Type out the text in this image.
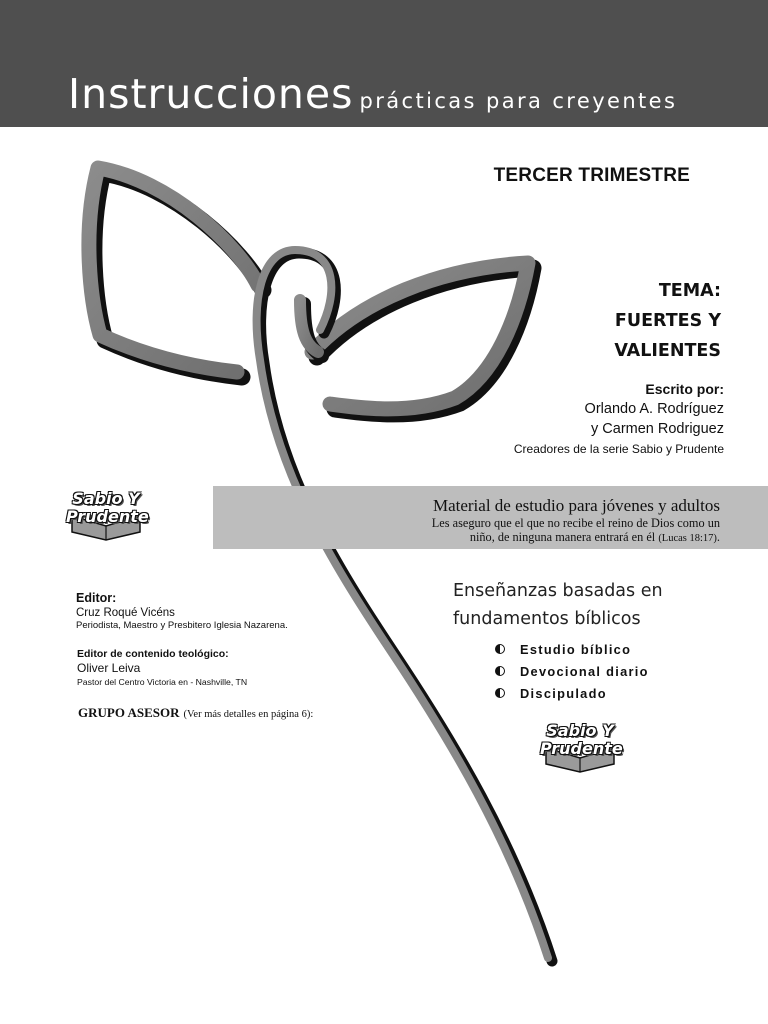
Instrucciones prácticas para creyentes
TERCER TRIMESTRE
TEMA:
FUERTES Y
VALIENTES
Escrito por:
Orlando A. Rodríguez
y Carmen Rodriguez
Creadores de la serie Sabio y Prudente
Material de estudio para jóvenes y adultos
Les aseguro que el que no recibe el reino de Dios como un
niño, de ninguna manera entrará en él (Lucas 18:17).
Sabio Y
Prudente
Editor:
Cruz Roqué Vicéns
Periodista, Maestro y Presbitero Iglesia Nazarena.
Editor de contenido teológico:
Oliver Leiva
Pastor del Centro Victoria en - Nashville, TN
GRUPO ASESOR (Ver más detalles en página 6):
Enseñanzas basadas en
fundamentos bíblicos
Estudio bíblico
Devocional diario
Discipulado
Sabio Y
Prudente
